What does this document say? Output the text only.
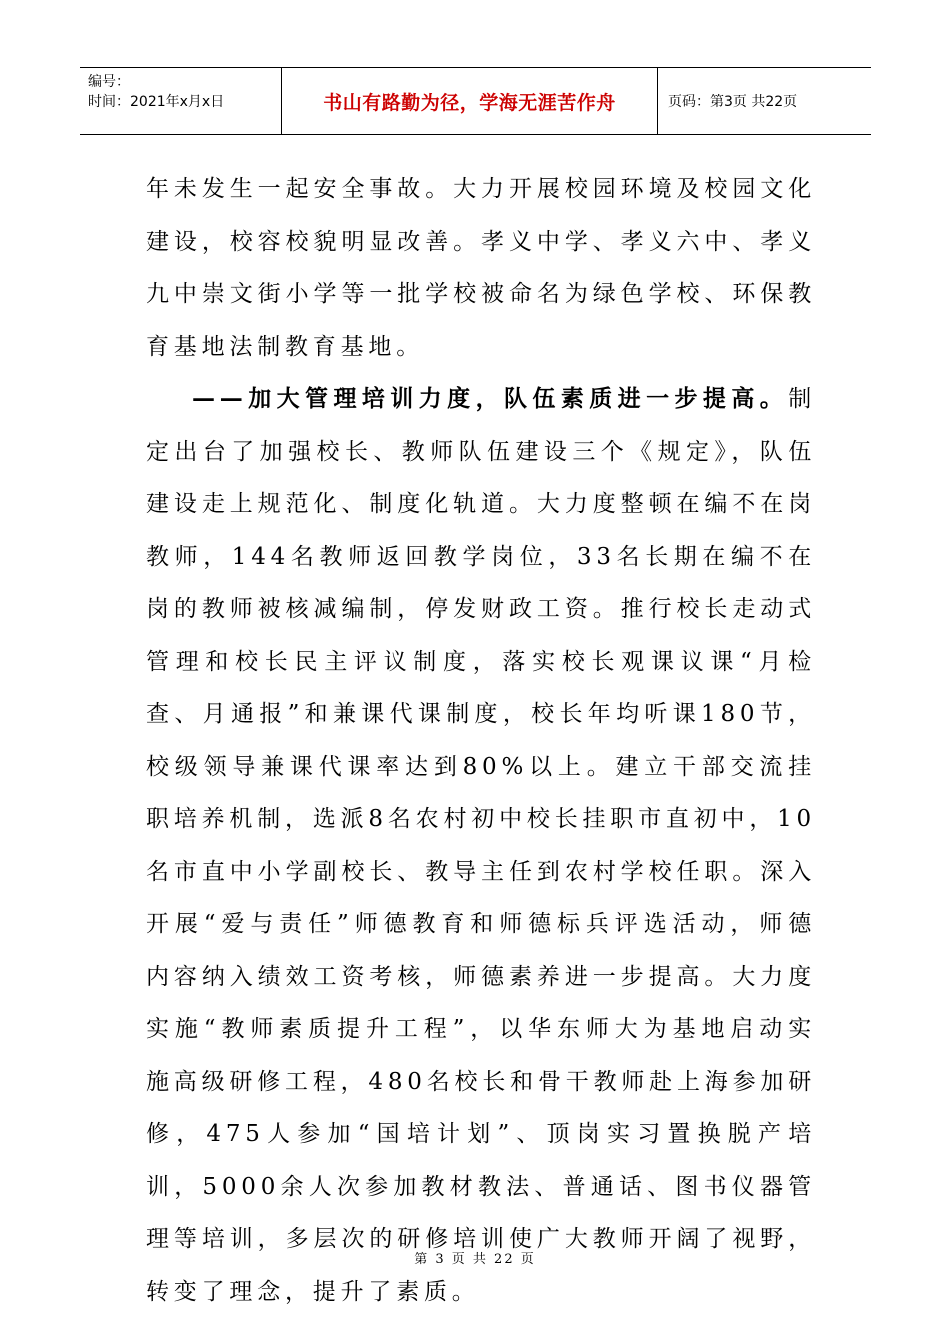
编号：
时间：2021年x月x日	书山有路勤为径，学海无涯苦作舟	页码：第3页 共22页

年未发生一起安全事故。大力开展校园环境及校园文化建设，校容校貌明显改善。孝义中学、孝义六中、孝义九中崇文街小学等一批学校被命名为绿色学校、环保教育基地法制教育基地。

——加大管理培训力度，队伍素质进一步提高。制定出台了加强校长、教师队伍建设三个《规定》，队伍建设走上规范化、制度化轨道。大力度整顿在编不在岗教师，144名教师返回教学岗位，33名长期在编不在岗的教师被核减编制，停发财政工资。推行校长走动式管理和校长民主评议制度，落实校长观课议课“月检查、月通报”和兼课代课制度，校长年均听课180节，校级领导兼课代课率达到80%以上。建立干部交流挂职培养机制，选派8名农村初中校长挂职市直初中，10名市直中小学副校长、教导主任到农村学校任职。深入开展“爱与责任”师德教育和师德标兵评选活动，师德内容纳入绩效工资考核，师德素养进一步提高。大力度实施“教师素质提升工程”，以华东师大为基地启动实施高级研修工程，480名校长和骨干教师赴上海参加研修，475人参加“国培计划”、顶岗实习置换脱产培训，5000余人次参加教材教法、普通话、图书仪器管理等培训，多层次的研修培训使广大教师开阔了视野，转变了理念，提升了素质。

第 3 页 共 22 页
